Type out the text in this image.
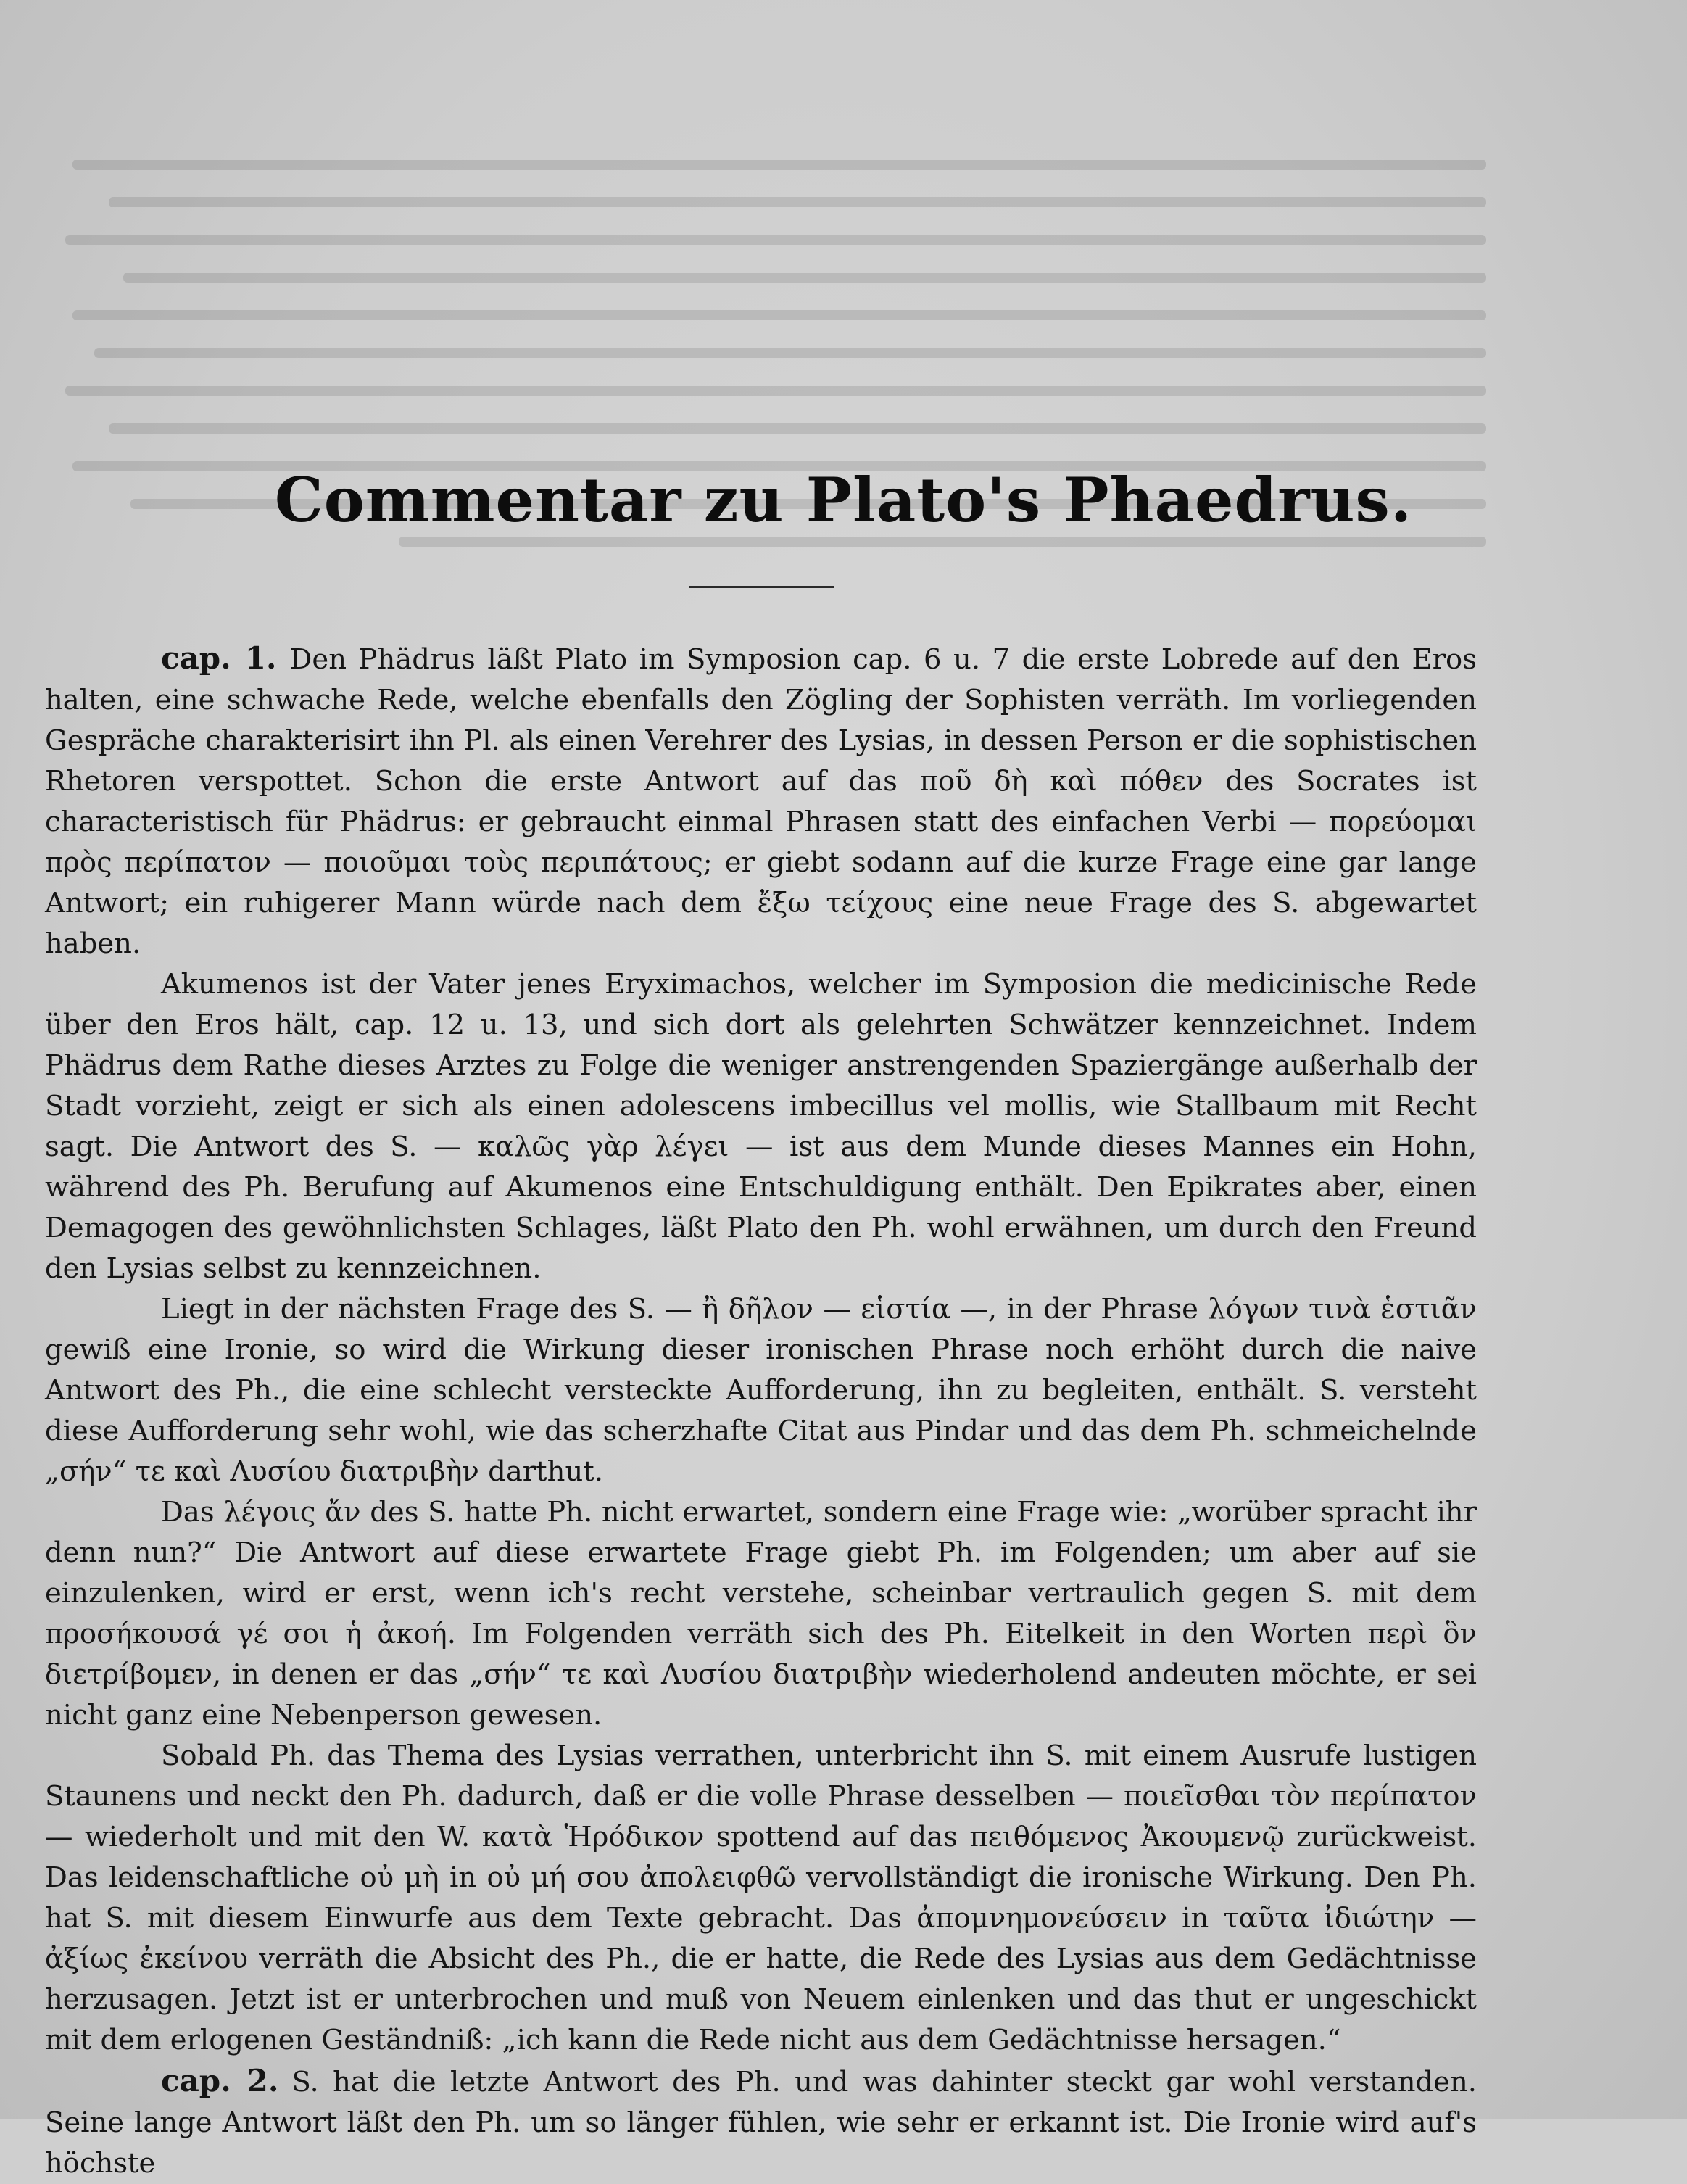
Commentar zu Plato's Phaedrus.

cap. 1. Den Phädrus läßt Plato im Symposion cap. 6 u. 7 die erste Lobrede auf den Eros halten, eine schwache Rede, welche ebenfalls den Zögling der Sophisten verräth. Im vorliegenden Gespräche charakterisirt ihn Pl. als einen Verehrer des Lysias, in dessen Person er die sophistischen Rhetoren verspottet. Schon die erste Antwort auf das ποῦ δὴ καὶ πόθεν des Socrates ist characteristisch für Phädrus: er gebraucht einmal Phrasen statt des einfachen Verbi — πορεύομαι πρὸς περίπατον — ποιοῦμαι τοὺς περιπάτους; er giebt sodann auf die kurze Frage eine gar lange Antwort; ein ruhigerer Mann würde nach dem ἔξω τείχους eine neue Frage des S. abgewartet haben.

Akumenos ist der Vater jenes Eryximachos, welcher im Symposion die medicinische Rede über den Eros hält, cap. 12 u. 13, und sich dort als gelehrten Schwätzer kennzeichnet. Indem Phädrus dem Rathe dieses Arztes zu Folge die weniger anstrengenden Spaziergänge außerhalb der Stadt vorzieht, zeigt er sich als einen adolescens imbecillus vel mollis, wie Stallbaum mit Recht sagt. Die Antwort des S. — καλῶς γὰρ λέγει — ist aus dem Munde dieses Mannes ein Hohn, während des Ph. Berufung auf Akumenos eine Entschuldigung enthält. Den Epikrates aber, einen Demagogen des gewöhnlichsten Schlages, läßt Plato den Ph. wohl erwähnen, um durch den Freund den Lysias selbst zu kennzeichnen.

Liegt in der nächsten Frage des S. — ἢ δῆλον — εἱστία —, in der Phrase λόγων τινὰ ἑστιᾶν gewiß eine Ironie, so wird die Wirkung dieser ironischen Phrase noch erhöht durch die naive Antwort des Ph., die eine schlecht versteckte Aufforderung, ihn zu begleiten, enthält. S. versteht diese Aufforderung sehr wohl, wie das scherzhafte Citat aus Pindar und das dem Ph. schmeichelnde „σήν“ τε καὶ Λυσίου διατριβὴν darthut.

Das λέγοις ἄν des S. hatte Ph. nicht erwartet, sondern eine Frage wie: „worüber spracht ihr denn nun?“ Die Antwort auf diese erwartete Frage giebt Ph. im Folgenden; um aber auf sie einzulenken, wird er erst, wenn ich's recht verstehe, scheinbar vertraulich gegen S. mit dem προσήκουσά γέ σοι ἡ ἀκοή. Im Folgenden verräth sich des Ph. Eitelkeit in den Worten περὶ ὃν διετρίβομεν, in denen er das „σήν“ τε καὶ Λυσίου διατριβὴν wiederholend andeuten möchte, er sei nicht ganz eine Nebenperson gewesen.

Sobald Ph. das Thema des Lysias verrathen, unterbricht ihn S. mit einem Ausrufe lustigen Staunens und neckt den Ph. dadurch, daß er die volle Phrase desselben — ποιεῖσθαι τὸν περίπατον — wiederholt und mit den W. κατὰ Ἡρόδικον spottend auf das πειθόμενος Ἀκουμενῷ zurückweist. Das leidenschaftliche οὐ μὴ in οὐ μή σου ἀπολειφθῶ vervollständigt die ironische Wirkung. Den Ph. hat S. mit diesem Einwurfe aus dem Texte gebracht. Das ἀπομνημονεύσειν in ταῦτα ἰδιώτην — ἀξίως ἐκείνου verräth die Absicht des Ph., die er hatte, die Rede des Lysias aus dem Gedächtnisse herzusagen. Jetzt ist er unterbrochen und muß von Neuem einlenken und das thut er ungeschickt mit dem erlogenen Geständniß: „ich kann die Rede nicht aus dem Gedächtnisse hersagen.“

cap. 2. S. hat die letzte Antwort des Ph. und was dahinter steckt gar wohl verstanden. Seine lange Antwort läßt den Ph. um so länger fühlen, wie sehr er erkannt ist. Die Ironie wird auf's höchste
